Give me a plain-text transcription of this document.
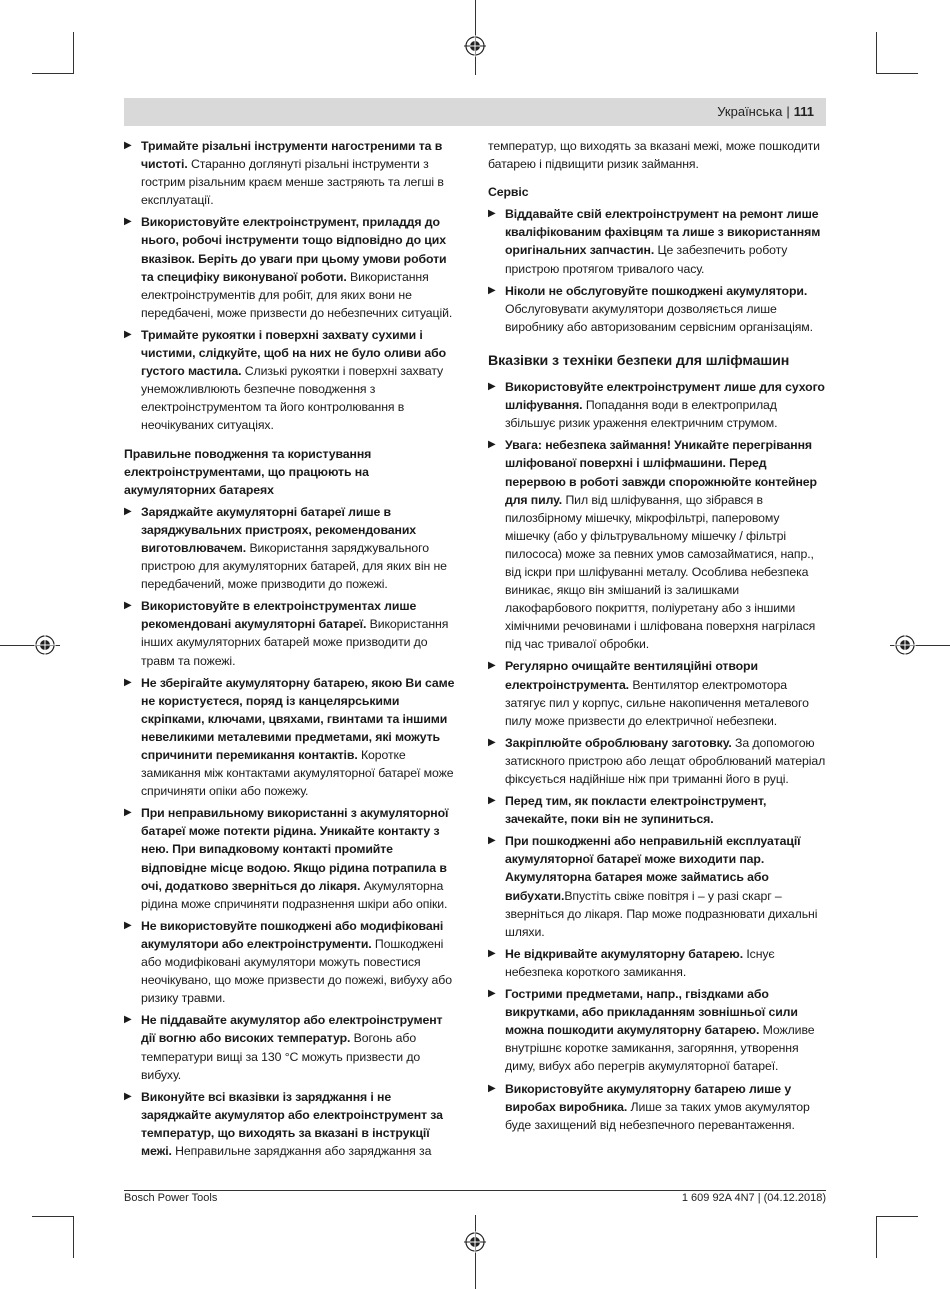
Українська | 111
▶ Тримайте різальні інструменти нагостреними та в чистоті. Старанно доглянуті різальні інструменти з гострим різальним краєм менше застряють та легші в експлуатації.
▶ Використовуйте електроінструмент, приладдя до нього, робочі інструменти тощо відповідно до цих вказівок. Беріть до уваги при цьому умови роботи та специфіку виконуваної роботи. Використання електроінструментів для робіт, для яких вони не передбачені, може призвести до небезпечних ситуацій.
▶ Тримайте рукоятки і поверхні захвату сухими і чистими, слідкуйте, щоб на них не було оливи або густого мастила. Слизькі рукоятки і поверхні захвату унеможливлюють безпечне поводження з електроінструментом та його контролювання в неочікуваних ситуаціях.
Правильне поводження та користування електроінструментами, що працюють на акумуляторних батареях
▶ Заряджайте акумуляторні батареї лише в заряджувальних пристроях, рекомендованих виготовлювачем. Використання заряджувального пристрою для акумуляторних батарей, для яких він не передбачений, може призводити до пожежі.
▶ Використовуйте в електроінструментах лише рекомендовані акумуляторні батареї. Використання інших акумуляторних батарей може призводити до травм та пожежі.
▶ Не зберігайте акумуляторну батарею, якою Ви саме не користуєтеся, поряд із канцелярськими скріпками, ключами, цвяхами, гвинтами та іншими невеликими металевими предметами, які можуть спричинити перемикання контактів. Коротке замикання між контактами акумуляторної батареї може спричиняти опіки або пожежу.
▶ При неправильному використанні з акумуляторної батареї може потекти рідина. Уникайте контакту з нею. При випадковому контакті промийте відповідне місце водою. Якщо рідина потрапила в очі, додатково зверніться до лікаря. Акумуляторна рідина може спричиняти подразнення шкіри або опіки.
▶ Не використовуйте пошкоджені або модифіковані акумулятори або електроінструменти. Пошкоджені або модифіковані акумулятори можуть повестися неочікувано, що може призвести до пожежі, вибуху або ризику травми.
▶ Не піддавайте акумулятор або електроінструмент дії вогню або високих температур. Вогонь або температури вищі за 130 °C можуть призвести до вибуху.
▶ Виконуйте всі вказівки із заряджання і не заряджайте акумулятор або електроінструмент за температур, що виходять за вказані в інструкції межі. Неправильне заряджання або заряджання за
температур, що виходять за вказані межі, може пошкодити батарею і підвищити ризик займання.
Сервіс
▶ Віддавайте свій електроінструмент на ремонт лише кваліфікованим фахівцям та лише з використанням оригінальних запчастин. Це забезпечить роботу пристрою протягом тривалого часу.
▶ Ніколи не обслуговуйте пошкоджені акумулятори. Обслуговувати акумулятори дозволяється лише виробнику або авторизованим сервісним організаціям.
Вказівки з техніки безпеки для шліфмашин
▶ Використовуйте електроінструмент лише для сухого шліфування. Попадання води в електроприлад збільшує ризик ураження електричним струмом.
▶ Увага: небезпека займання! Уникайте перегрівання шліфованої поверхні і шліфмашини. Перед перервою в роботі завжди спорожнюйте контейнер для пилу. Пил від шліфування, що зібрався в пилозбірному мішечку, мікрофільтрі, паперовому мішечку (або у фільтрувальному мішечку / фільтрі пилососа) може за певних умов самозайматися, напр., від іскри при шліфуванні металу. Особлива небезпека виникає, якщо він змішаний із залишками лакофарбового покриття, поліуретану або з іншими хімічними речовинами і шліфована поверхня нагрілася під час тривалої обробки.
▶ Регулярно очищайте вентиляційні отвори електроінструмента. Вентилятор електромотора затягує пил у корпус, сильне накопичення металевого пилу може призвести до електричної небезпеки.
▶ Закріплюйте оброблювану заготовку. За допомогою затискного пристрою або лещат оброблюваний матеріал фіксується надійніше ніж при триманні його в руці.
▶ Перед тим, як покласти електроінструмент, зачекайте, поки він не зупиниться.
▶ При пошкодженні або неправильній експлуатації акумуляторної батареї може виходити пар. Акумуляторна батарея може займатись або вибухати.Впустіть свіже повітря і – у разі скарг – зверніться до лікаря. Пар може подразнювати дихальні шляхи.
▶ Не відкривайте акумуляторну батарею. Існує небезпека короткого замикання.
▶ Гострими предметами, напр., гвіздками або викрутками, або прикладанням зовнішньої сили можна пошкодити акумуляторну батарею. Можливе внутрішнє коротке замикання, загоряння, утворення диму, вибух або перегрів акумуляторної батареї.
▶ Використовуйте акумуляторну батарею лише у виробах виробника. Лише за таких умов акумулятор буде захищений від небезпечного перевантаження.
Bosch Power Tools	1 609 92A 4N7 | (04.12.2018)
